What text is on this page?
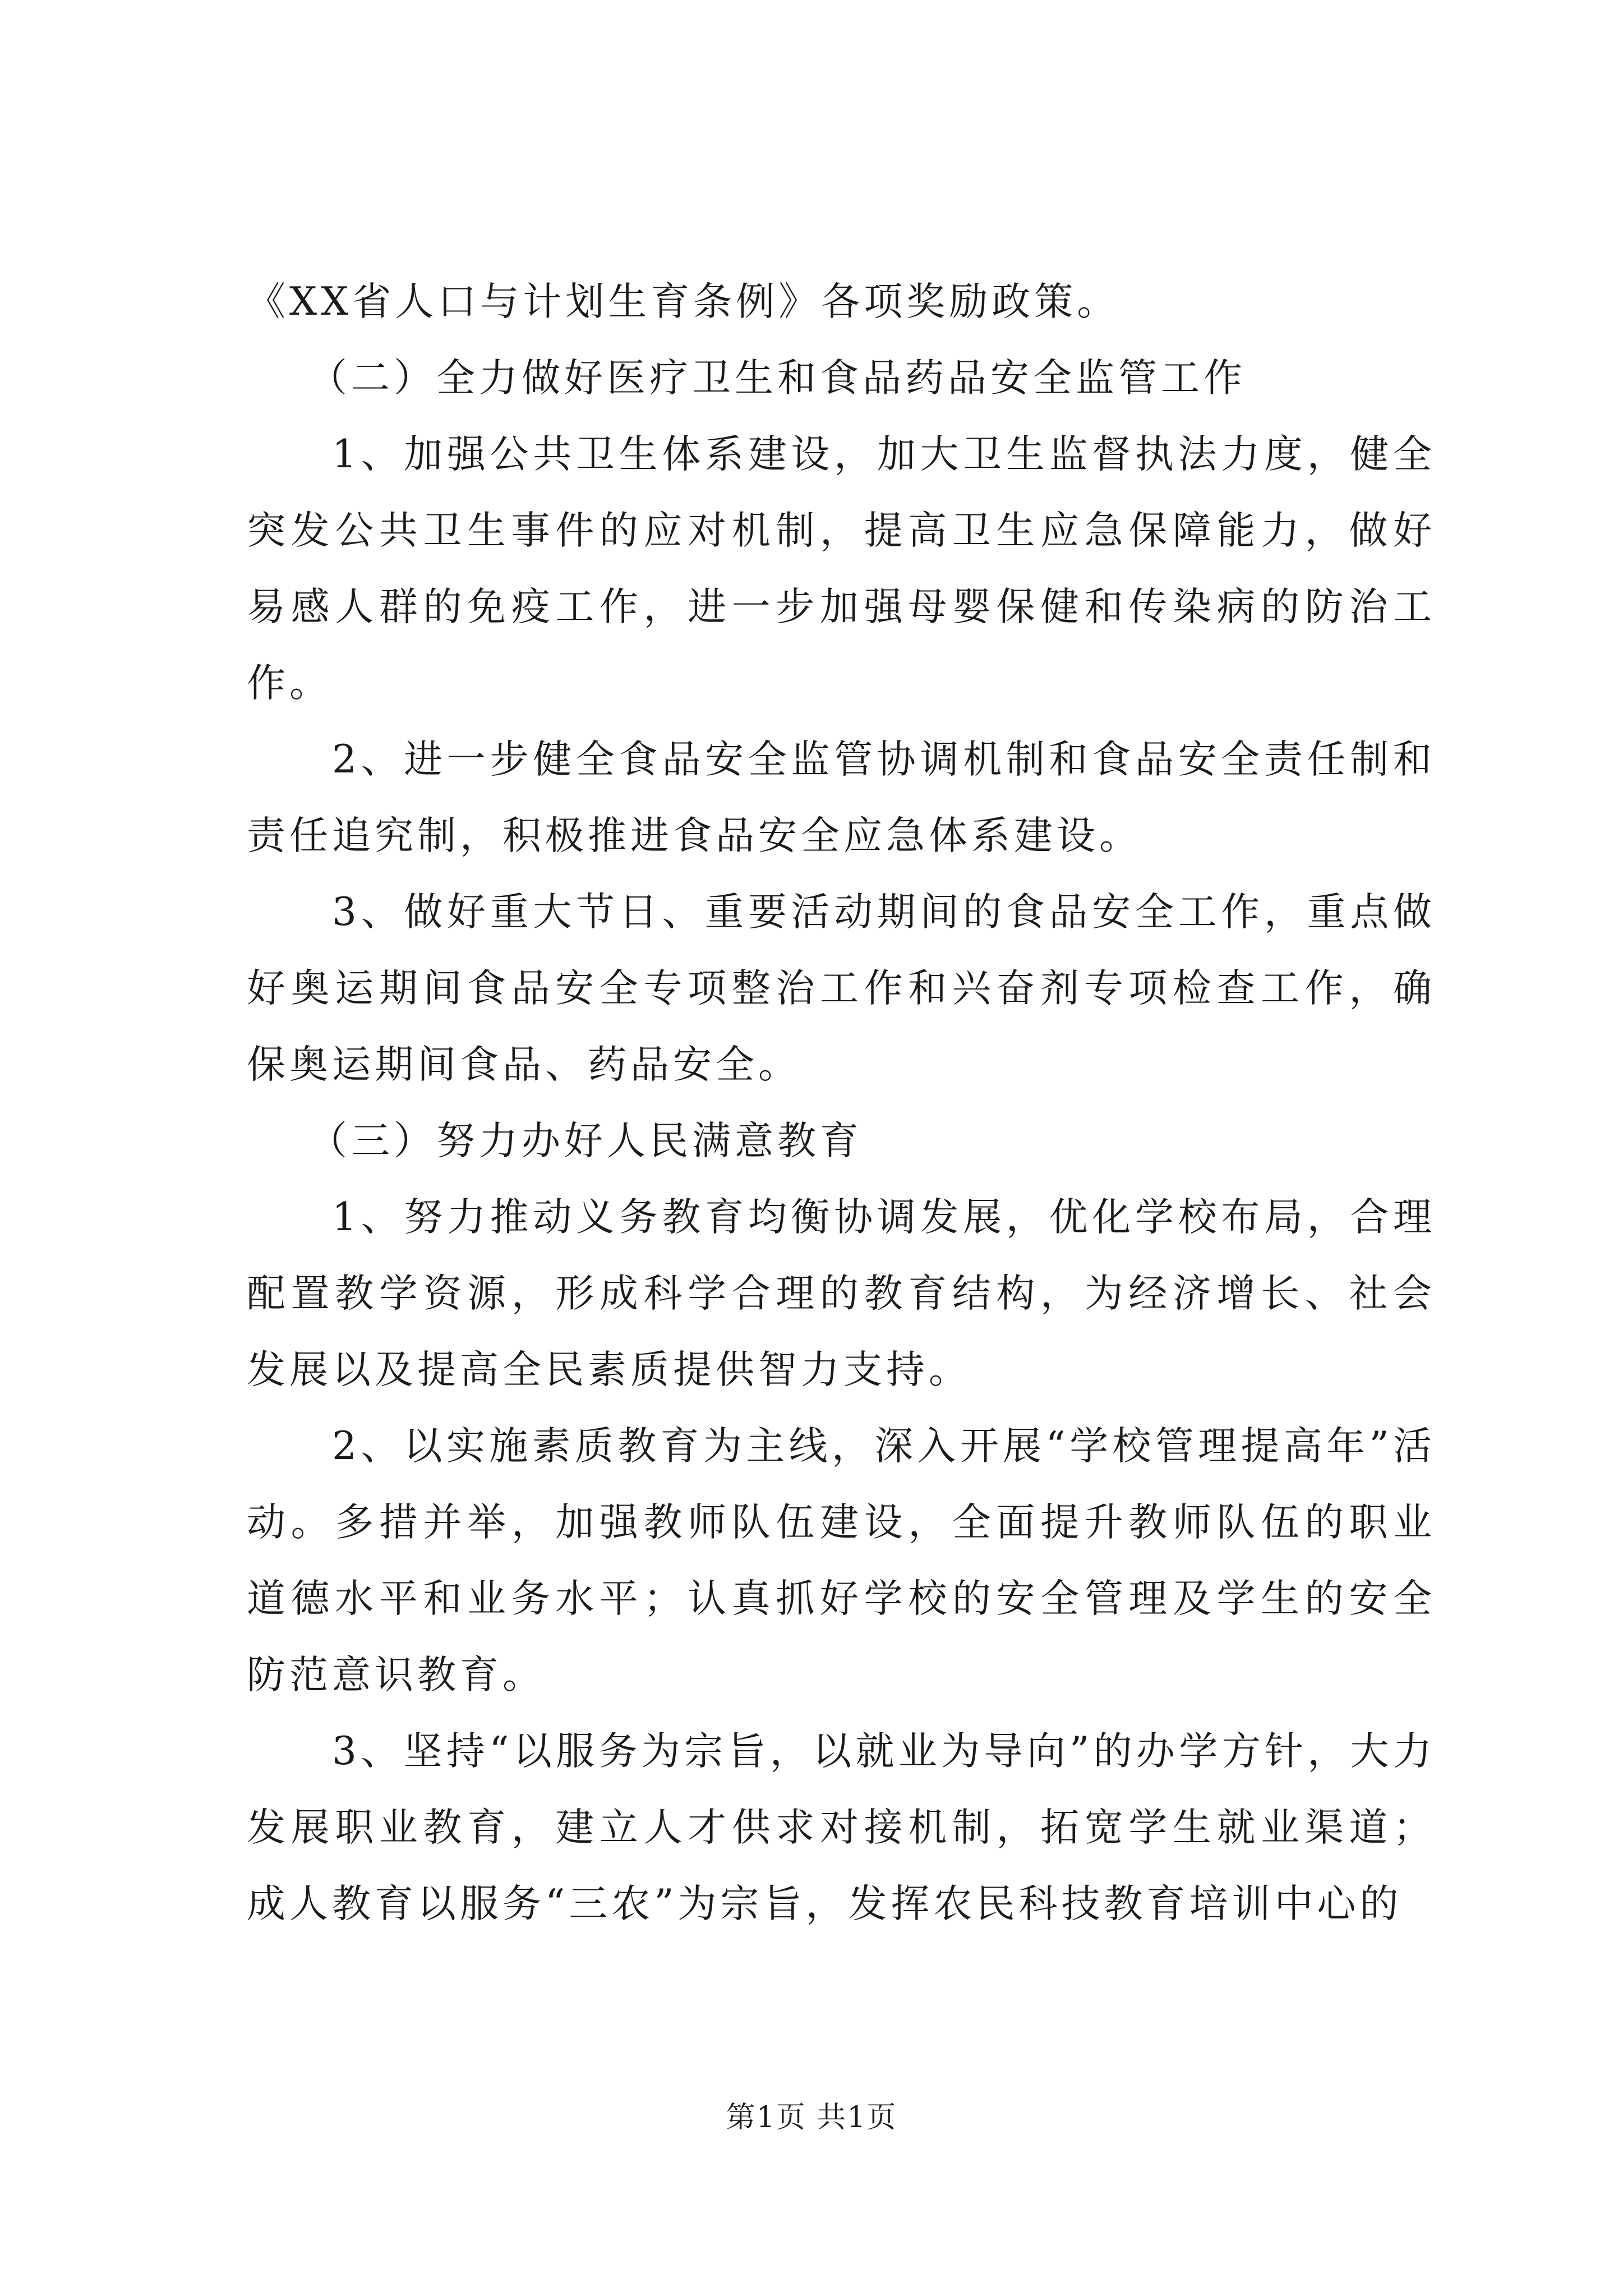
《XX省人口与计划生育条例》各项奖励政策。

（二）全力做好医疗卫生和食品药品安全监管工作

1、加强公共卫生体系建设，加大卫生监督执法力度，健全突发公共卫生事件的应对机制，提高卫生应急保障能力，做好易感人群的免疫工作，进一步加强母婴保健和传染病的防治工作。

2、进一步健全食品安全监管协调机制和食品安全责任制和责任追究制，积极推进食品安全应急体系建设。

3、做好重大节日、重要活动期间的食品安全工作，重点做好奥运期间食品安全专项整治工作和兴奋剂专项检查工作，确保奥运期间食品、药品安全。

（三）努力办好人民满意教育

1、努力推动义务教育均衡协调发展，优化学校布局，合理配置教学资源，形成科学合理的教育结构，为经济增长、社会发展以及提高全民素质提供智力支持。

2、以实施素质教育为主线，深入开展“学校管理提高年”活动。多措并举，加强教师队伍建设，全面提升教师队伍的职业道德水平和业务水平；认真抓好学校的安全管理及学生的安全防范意识教育。

3、坚持“以服务为宗旨，以就业为导向”的办学方针，大力发展职业教育，建立人才供求对接机制，拓宽学生就业渠道；成人教育以服务“三农”为宗旨，发挥农民科技教育培训中心的

第1页 共1页
